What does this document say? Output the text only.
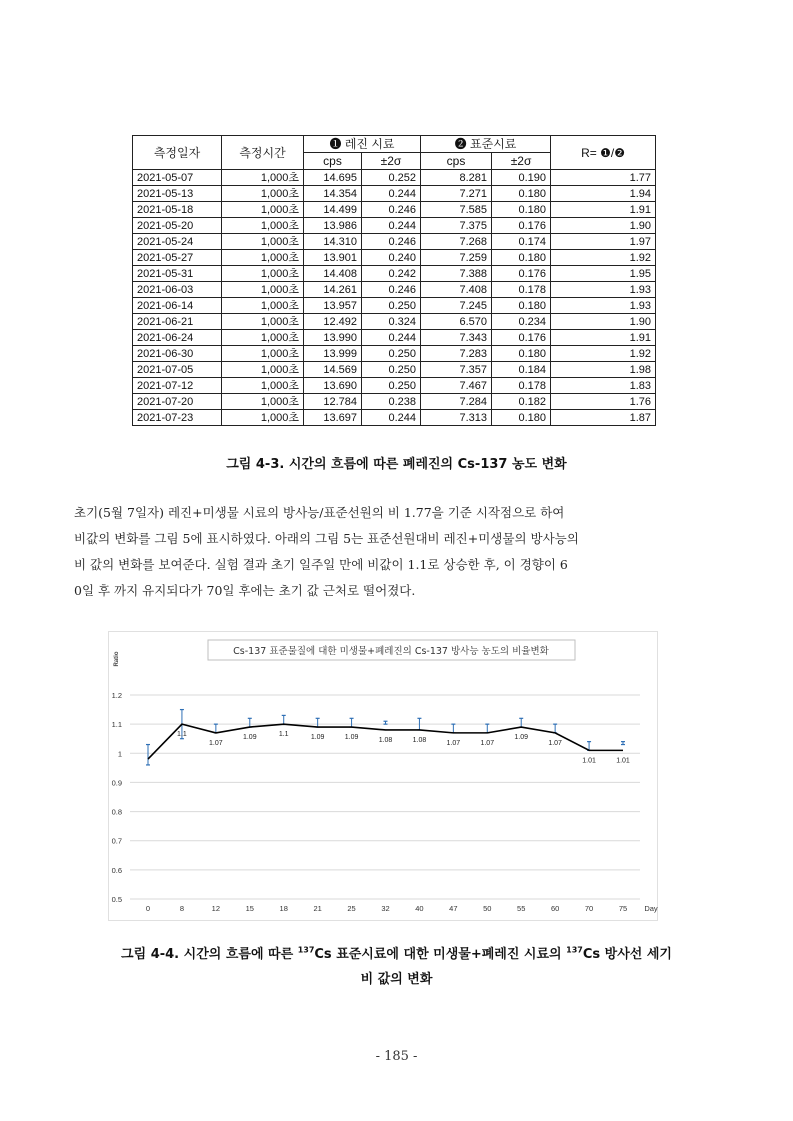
측정일자	측정시간	❶ 레진 시료		❷ 표준시료		R= ❶/❷
		cps	±2σ	cps	±2σ	
2021-05-07	1,000초	14.695	0.252	8.281	0.190	1.77
2021-05-13	1,000초	14.354	0.244	7.271	0.180	1.94
2021-05-18	1,000초	14.499	0.246	7.585	0.180	1.91
2021-05-20	1,000초	13.986	0.244	7.375	0.176	1.90
2021-05-24	1,000초	14.310	0.246	7.268	0.174	1.97
2021-05-27	1,000초	13.901	0.240	7.259	0.180	1.92
2021-05-31	1,000초	14.408	0.242	7.388	0.176	1.95
2021-06-03	1,000초	14.261	0.246	7.408	0.178	1.93
2021-06-14	1,000초	13.957	0.250	7.245	0.180	1.93
2021-06-21	1,000초	12.492	0.324	6.570	0.234	1.90
2021-06-24	1,000초	13.990	0.244	7.343	0.176	1.91
2021-06-30	1,000초	13.999	0.250	7.283	0.180	1.92
2021-07-05	1,000초	14.569	0.250	7.357	0.184	1.98
2021-07-12	1,000초	13.690	0.250	7.467	0.178	1.83
2021-07-20	1,000초	12.784	0.238	7.284	0.182	1.76
2021-07-23	1,000초	13.697	0.244	7.313	0.180	1.87
그림 4-3. 시간의 흐름에 따른 폐레진의 Cs-137 농도 변화
초기(5월 7일자) 레진+미생물 시료의 방사능/표준선원의 비 1.77을 기준 시작점으로 하여
비값의 변화를 그림 5에 표시하였다. 아래의 그림 5는 표준선원대비 레진+미생물의 방사능의
비 값의 변화를 보여준다. 실험 결과 초기 일주일 만에 비값이 1.1로 상승한 후, 이 경향이 6
0일 후 까지 유지되다가 70일 후에는 초기 값 근처로 떨어졌다.
Cs-137 표준물질에 대한 미생물+폐레진의 Cs-137 방사능 농도의 비율변화
Ratio
0.5
0.6
0.7
0.8
0.9
1
1.1
1.2
0	8	12	15	18	21	25	32	40	47	50	55	60	70	75 Day
1.1
1.07
1.09	1.1	1.09	1.09	1.08	1.08	1.07	1.07
1.09
1.07
1.01	1.01
그림 4-4. 시간의 흐름에 따른 $^{137}$Cs 표준시료에 대한 미생물+폐레진 시료의 $^{137}$Cs 방사선 세기
비 값의 변화
- 185 -
